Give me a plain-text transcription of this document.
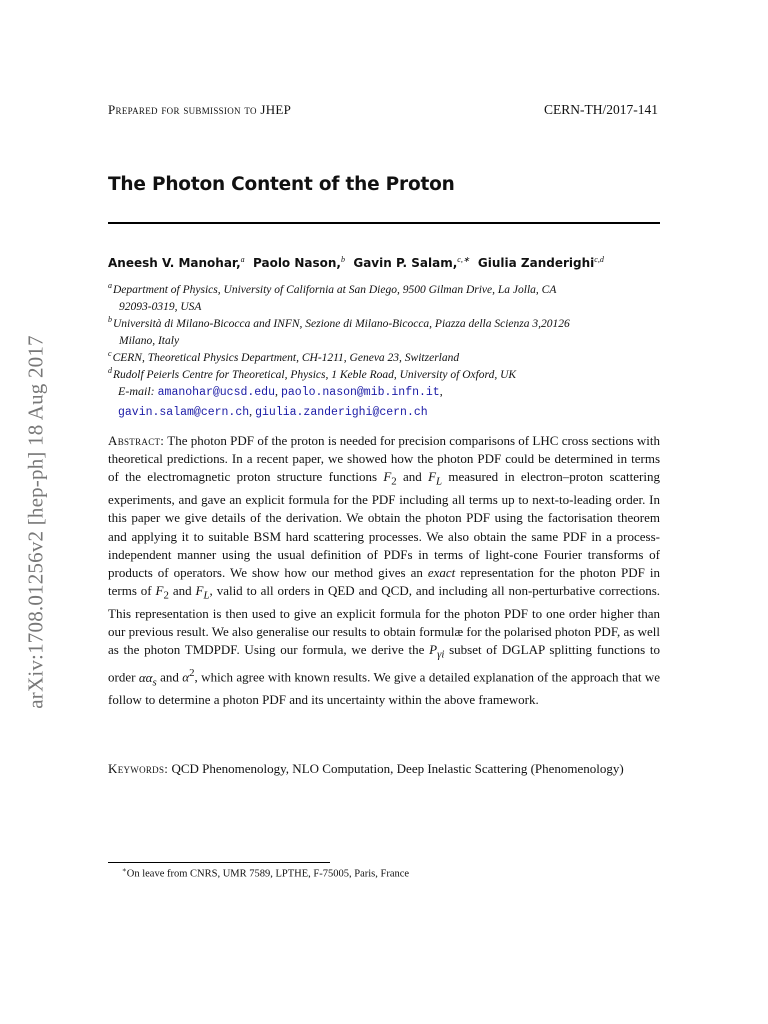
arXiv:1708.01256v2 [hep-ph] 18 Aug 2017
Prepared for submission to JHEP	CERN-TH/2017-141
The Photon Content of the Proton
Aneesh V. Manohar,$^a$ Paolo Nason,$^b$ Gavin P. Salam,$^{c,∗}$ Giulia Zanderighi$^{c,d}$
$^a$Department of Physics, University of California at San Diego, 9500 Gilman Drive, La Jolla, CA
92093-0319, USA
$^b$Università di Milano-Bicocca and INFN, Sezione di Milano-Bicocca, Piazza della Scienza 3,20126
Milano, Italy
$^c$CERN, Theoretical Physics Department, CH-1211, Geneva 23, Switzerland
$^d$Rudolf Peierls Centre for Theoretical, Physics, 1 Keble Road, University of Oxford, UK
E-mail: amanohar@ucsd.edu, paolo.nason@mib.infn.it,
gavin.salam@cern.ch, giulia.zanderighi@cern.ch
Abstract: The photon PDF of the proton is needed for precision comparisons of LHC cross sections with theoretical predictions. In a recent paper, we showed how the photon PDF could be determined in terms of the electromagnetic proton structure functions $F_2$ and $F_L$ measured in electron–proton scattering experiments, and gave an explicit formula for the PDF including all terms up to next-to-leading order. In this paper we give details of the derivation. We obtain the photon PDF using the factorisation theorem and applying it to suitable BSM hard scattering processes. We also obtain the same PDF in a process-independent manner using the usual definition of PDFs in terms of light-cone Fourier transforms of products of operators. We show how our method gives an exact representation for the photon PDF in terms of $F_2$ and $F_L$, valid to all orders in QED and QCD, and including all non-perturbative corrections. This representation is then used to give an explicit formula for the photon PDF to one order higher than our previous result. We also generalise our results to obtain formulæ for the polarised photon PDF, as well as the photon TMDPDF. Using our formula, we derive the $P_{\gamma i}$ subset of DGLAP splitting functions to order $\alpha\alpha_s$ and $\alpha^2$, which agree with known results. We give a detailed explanation of the approach that we follow to determine a photon PDF and its uncertainty within the above framework.
Keywords: QCD Phenomenology, NLO Computation, Deep Inelastic Scattering (Phenomenology)
∗On leave from CNRS, UMR 7589, LPTHE, F-75005, Paris, France
